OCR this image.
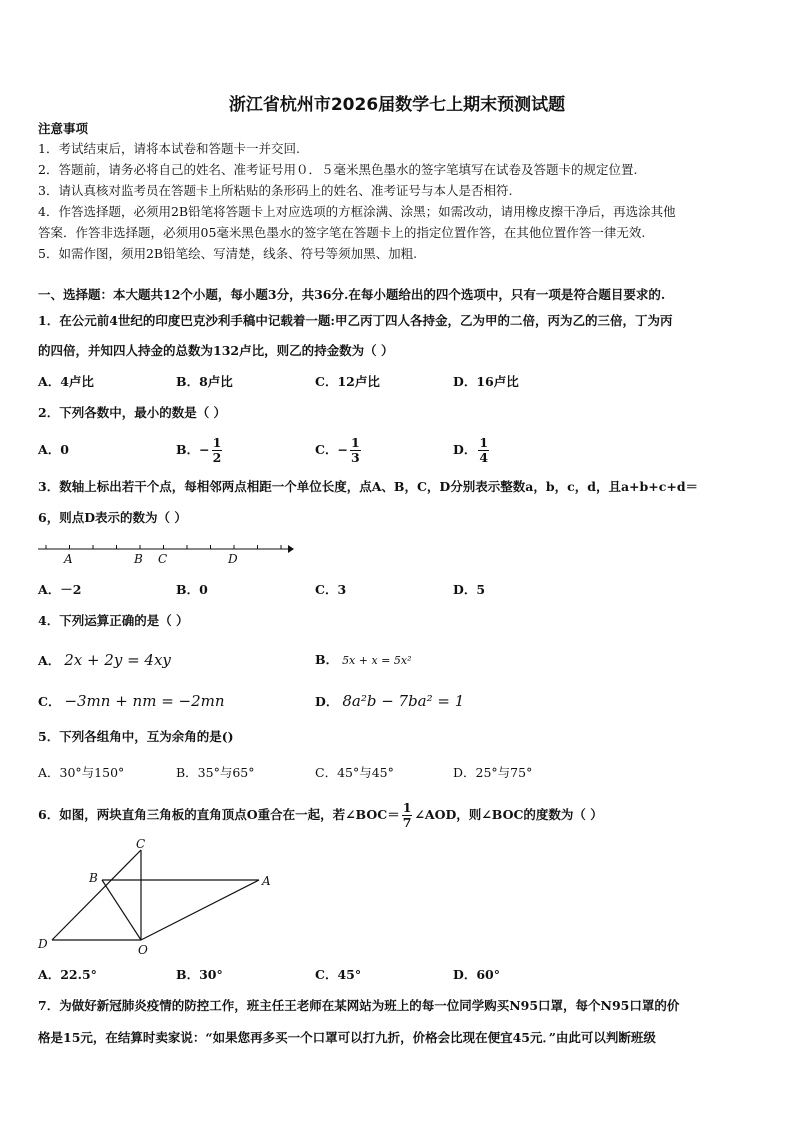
浙江省杭州市2026届数学七上期末预测试题
注意事项
1．考试结束后，请将本试卷和答题卡一并交回.
2．答题前，请务必将自己的姓名、准考证号用０．５毫米黑色墨水的签字笔填写在试卷及答题卡的规定位置.
3．请认真核对监考员在答题卡上所粘贴的条形码上的姓名、准考证号与本人是否相符.
4．作答选择题，必须用2B铅笔将答题卡上对应选项的方框涂满、涂黑；如需改动，请用橡皮擦干净后，再选涂其他
答案．作答非选择题，必须用05毫米黑色墨水的签字笔在答题卡上的指定位置作答，在其他位置作答一律无效.
5．如需作图，须用2B铅笔绘、写清楚，线条、符号等须加黑、加粗.
一、选择题：本大题共12个小题，每小题3分，共36分.在每小题给出的四个选项中，只有一项是符合题目要求的.
1．在公元前4世纪的印度巴克沙利手稿中记载着一题:甲乙丙丁四人各持金，乙为甲的二倍，丙为乙的三倍，丁为丙
的四倍，并知四人持金的总数为132卢比，则乙的持金数为（ ）
A．4卢比	B．8卢比	C．12卢比	D．16卢比
2．下列各数中，最小的数是（ ）
A．0	B．− $\frac{1}{2}$	C．− $\frac{1}{3}$	D． $\frac{1}{4}$
3．数轴上标出若干个点，每相邻两点相距一个单位长度，点A、B，C，D分别表示整数a，b，c，d，且a+b+c+d＝
6，则点D表示的数为（ ）
A	B C	D
A．－2	B．0	C．3	D．5
4．下列运算正确的是（ ）
A． 2x + 2y = 4xy	B． 5x + x = 5x²
C． −3mn + nm = −2mn	D． 8a²b − 7ba² = 1
5．下列各组角中，互为余角的是()
A．30°与150°	B．35°与65°	C．45°与45°	D．25°与75°
6．如图，两块直角三角板的直角顶点O重合在一起，若∠BOC＝ $\frac{1}{7}$ ∠AOD，则∠BOC的度数为（ ）
C
B	A
D	O
A．22.5°	B．30°	C．45°	D．60°
7．为做好新冠肺炎疫情的防控工作，班主任王老师在某网站为班上的每一位同学购买N95口罩，每个N95口罩的价
格是15元，在结算时卖家说：“如果您再多买一个口罩可以打九折，价格会比现在便宜45元．”由此可以判断班级
